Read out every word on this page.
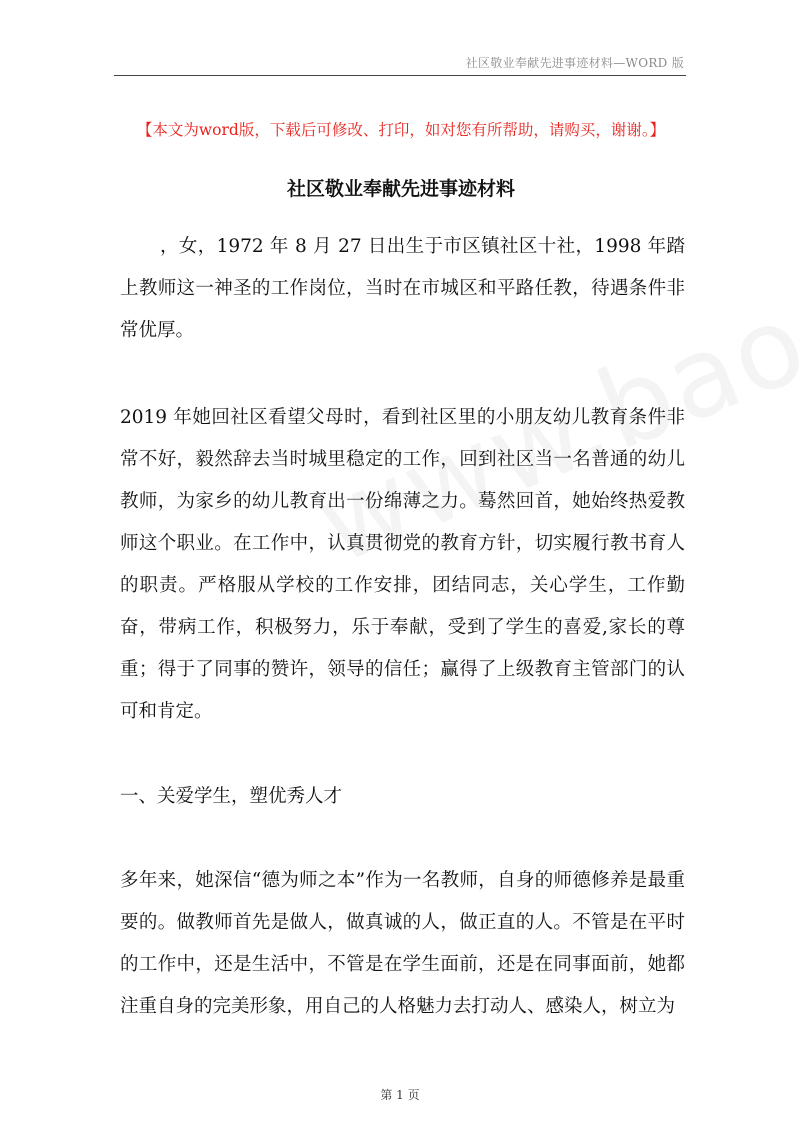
社区敬业奉献先进事迹材料—WORD 版
【本文为word版，下载后可修改、打印，如对您有所帮助，请购买，谢谢。】
社区敬业奉献先进事迹材料

，女，1972 年 8 月 27 日出生于市区镇社区十社，1998 年踏上教师这一神圣的工作岗位，当时在市城区和平路任教，待遇条件非常优厚。

2019 年她回社区看望父母时，看到社区里的小朋友幼儿教育条件非常不好，毅然辞去当时城里稳定的工作，回到社区当一名普通的幼儿教师，为家乡的幼儿教育出一份绵薄之力。蓦然回首，她始终热爱教师这个职业。在工作中，认真贯彻党的教育方针，切实履行教书育人的职责。严格服从学校的工作安排，团结同志，关心学生，工作勤奋，带病工作，积极努力，乐于奉献，受到了学生的喜爱,家长的尊重；得于了同事的赞许，领导的信任；赢得了上级教育主管部门的认可和肯定。

一、关爱学生，塑优秀人才

多年来，她深信“德为师之本”作为一名教师，自身的师德修养是最重要的。做教师首先是做人，做真诚的人，做正直的人。不管是在平时的工作中，还是生活中，不管是在学生面前，还是在同事面前，她都注重自身的完美形象，用自己的人格魅力去打动人、感染人，树立为

第 1 页
